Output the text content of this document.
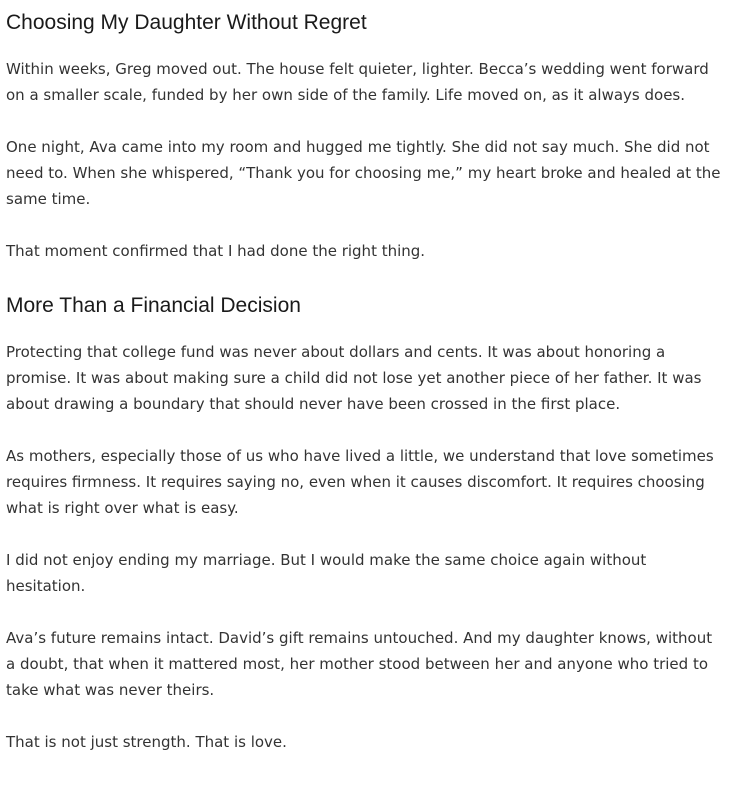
Choosing My Daughter Without Regret

Within weeks, Greg moved out. The house felt quieter, lighter. Becca’s wedding went forward on a smaller scale, funded by her own side of the family. Life moved on, as it always does.

One night, Ava came into my room and hugged me tightly. She did not say much. She did not need to. When she whispered, “Thank you for choosing me,” my heart broke and healed at the same time.

That moment confirmed that I had done the right thing.

More Than a Financial Decision

Protecting that college fund was never about dollars and cents. It was about honoring a promise. It was about making sure a child did not lose yet another piece of her father. It was about drawing a boundary that should never have been crossed in the first place.

As mothers, especially those of us who have lived a little, we understand that love sometimes requires firmness. It requires saying no, even when it causes discomfort. It requires choosing what is right over what is easy.

I did not enjoy ending my marriage. But I would make the same choice again without hesitation.

Ava’s future remains intact. David’s gift remains untouched. And my daughter knows, without a doubt, that when it mattered most, her mother stood between her and anyone who tried to take what was never theirs.

That is not just strength. That is love.
